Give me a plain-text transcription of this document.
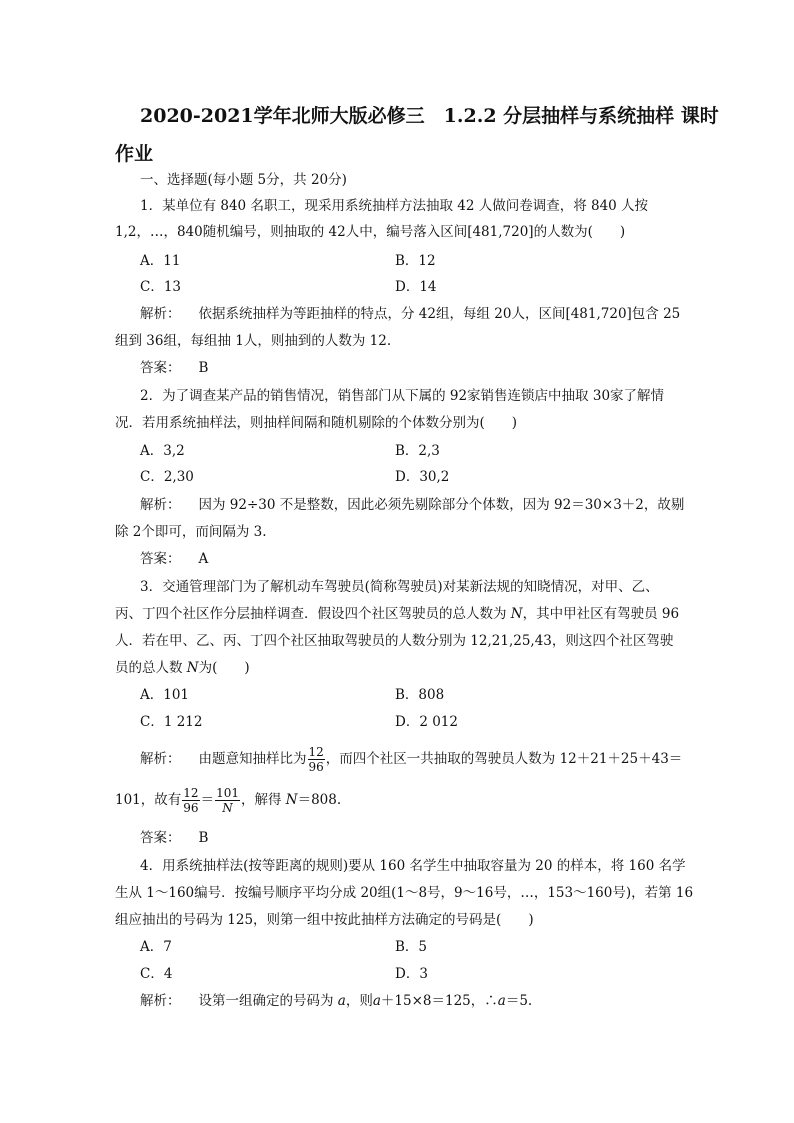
2020-2021学年北师大版必修三　1.2.2 分层抽样与系统抽样 课时
作业
一、选择题(每小题 5分，共 20分)
1．某单位有 840 名职工，现采用系统抽样方法抽取 42 人做问卷调查，将 840 人按
1,2，…，840随机编号，则抽取的 42人中，编号落入区间[481,720]的人数为(　　)
A．11	B．12
C．13	D．14
解析： 依据系统抽样为等距抽样的特点，分 42组，每组 20人，区间[481,720]包含 25
组到 36组，每组抽 1人，则抽到的人数为 12.
答案： B
2．为了调查某产品的销售情况，销售部门从下属的 92家销售连锁店中抽取 30家了解情
况．若用系统抽样法，则抽样间隔和随机剔除的个体数分别为(　　)
A．3,2	B．2,3
C．2,30	D．30,2
解析： 因为 92÷30 不是整数，因此必须先剔除部分个体数，因为 92＝30×3＋2，故剔
除 2个即可，而间隔为 3.
答案： A
3．交通管理部门为了解机动车驾驶员(简称驾驶员)对某新法规的知晓情况，对甲、乙、
丙、丁四个社区作分层抽样调查．假设四个社区驾驶员的总人数为 N，其中甲社区有驾驶员 96
人．若在甲、乙、丙、丁四个社区抽取驾驶员的人数分别为 12,21,25,43，则这四个社区驾驶
员的总人数 N为(　　)
A．101	B．808
C．1 212	D．2 012
解析： 由题意知抽样比为 $\frac{12}{96}$ ，而四个社区一共抽取的驾驶员人数为 12＋21＋25＋43＝
101，故有 $\frac{12}{96} = \frac{101}{N}$ ，解得 N＝808.
答案： B
4．用系统抽样法(按等距离的规则)要从 160 名学生中抽取容量为 20 的样本，将 160 名学
生从 1～160编号．按编号顺序平均分成 20组(1～8号，9～16号，…，153～160号)，若第 16
组应抽出的号码为 125，则第一组中按此抽样方法确定的号码是(　　)
A．7	B．5
C．4	D．3
解析： 设第一组确定的号码为 a，则a＋15×8＝125，∴a＝5.
